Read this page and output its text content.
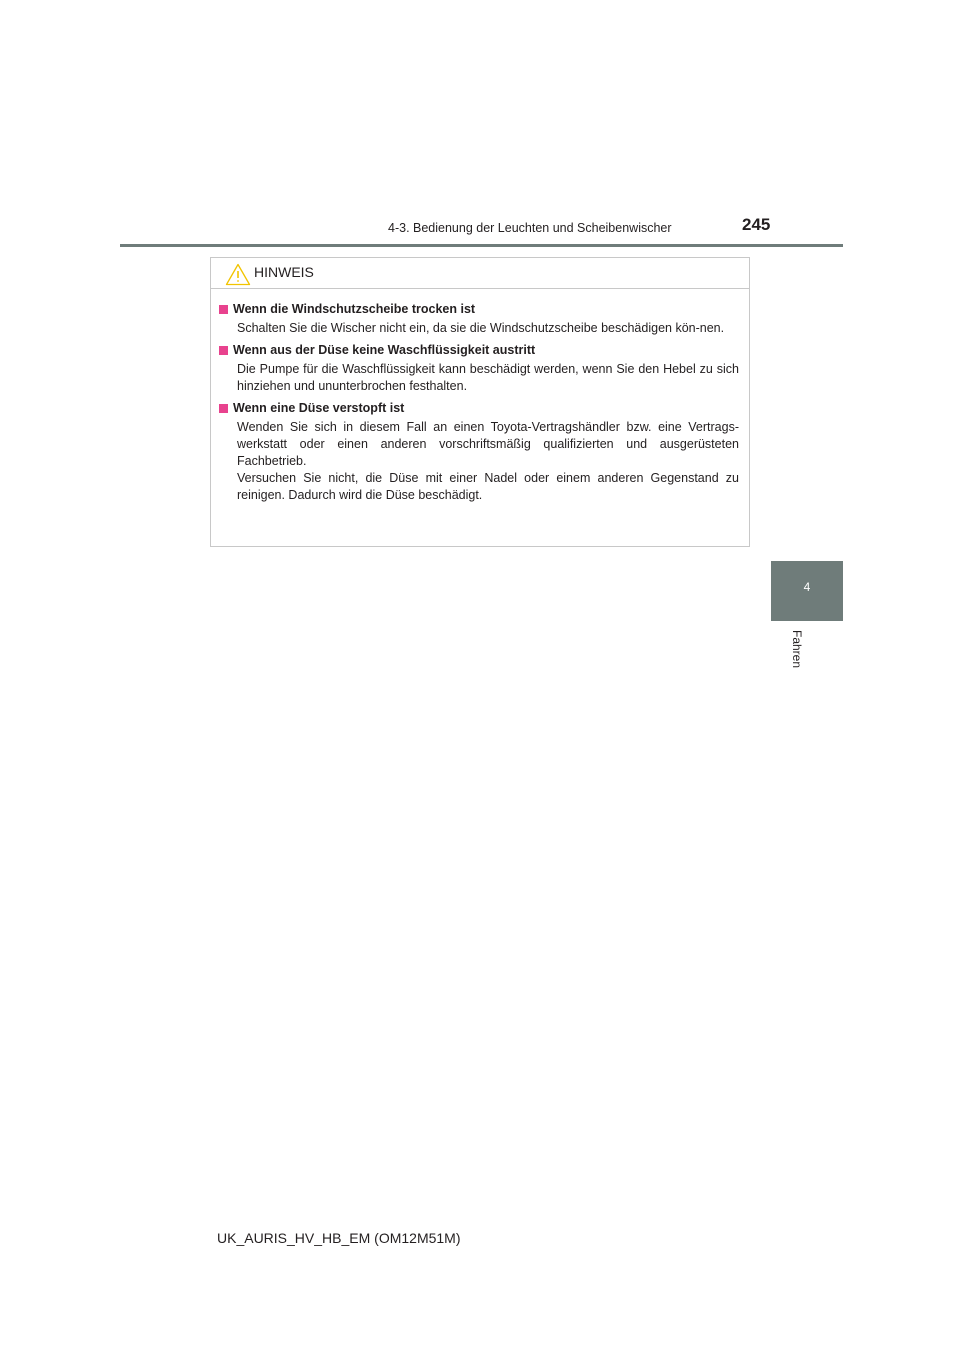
4-3. Bedienung der Leuchten und Scheibenwischer	245
4
Fahren
HINWEIS

Wenn die Windschutzscheibe trocken ist

Schalten Sie die Wischer nicht ein, da sie die Windschutzscheibe beschädigen kön-nen.

Wenn aus der Düse keine Waschflüssigkeit austritt

Die Pumpe für die Waschflüssigkeit kann beschädigt werden, wenn Sie den Hebel zu sich hinziehen und ununterbrochen festhalten.

Wenn eine Düse verstopft ist

Wenden Sie sich in diesem Fall an einen Toyota-Vertragshändler bzw. eine Vertrags-werkstatt oder einen anderen vorschriftsmäßig qualifizierten und ausgerüsteten Fachbetrieb.

Versuchen Sie nicht, die Düse mit einer Nadel oder einem anderen Gegenstand zu reinigen. Dadurch wird die Düse beschädigt.

UK_AURIS_HV_HB_EM (OM12M51M)
